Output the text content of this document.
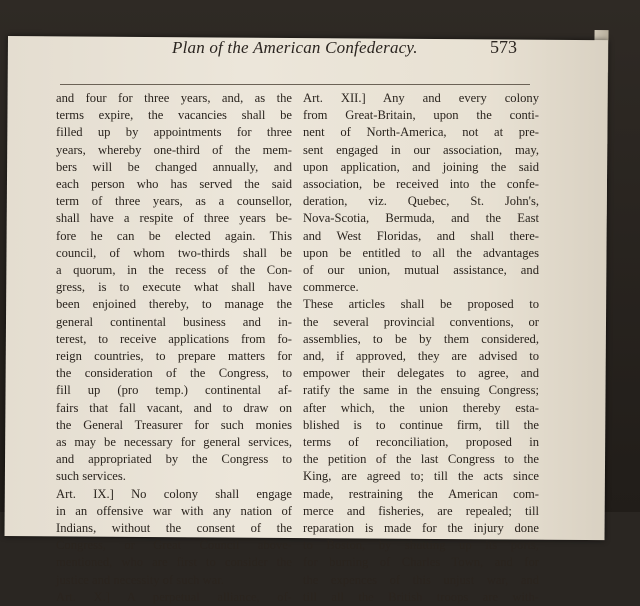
Plan of the American Confederacy.	573
and four for three years, and, as the
terms expire, the vacancies shall be
filled up by appointments for three
years, whereby one-third of the mem-
bers will be changed annually, and
each person who has served the said
term of three years, as a counsellor,
shall have a respite of three years be-
fore he can be elected again. This
council, of whom two-thirds shall be
a quorum, in the recess of the Con-
gress, is to execute what shall have
been enjoined thereby, to manage the
general continental business and in-
terest, to receive applications from fo-
reign countries, to prepare matters for
the consideration of the Congress, to
fill up (pro temp.) continental af-
fairs that fall vacant, and to draw on
the General Treasurer for such monies
as may be necessary for general services,
and appropriated by the Congress to
such services.
Art. IX.] No colony shall engage
in an offensive war with any nation of
Indians, without the consent of the
Congress, or Great Council above-
mentioned, who are first to consider the
justice and necessity of such war.
Art. X.] A perpetual alliance, of-
Art. XII.] Any and every colony
from Great-Britain, upon the conti-
nent of North-America, not at pre-
sent engaged in our association, may,
upon application, and joining the said
association, be received into the confe-
deration, viz. Quebec, St. John's,
Nova-Scotia, Bermuda, and the East
and West Floridas, and shall there-
upon be entitled to all the advantages
of our union, mutual assistance, and
commerce.
These articles shall be proposed to
the several provincial conventions, or
assemblies, to be by them considered,
and, if approved, they are advised to
empower their delegates to agree, and
ratify the same in the ensuing Congress;
after which, the union thereby esta-
blished is to continue firm, till the
terms of reconciliation, proposed in
the petition of the last Congress to the
King, are agreed to; till the acts since
made, restraining the American com-
merce and fisheries, are repealed; till
reparation is made for the injury done
to Boston, by shutting up its ports,
for burning of Charles Town, and for
the expences of this unjust war, and
till all the British troops are with-
